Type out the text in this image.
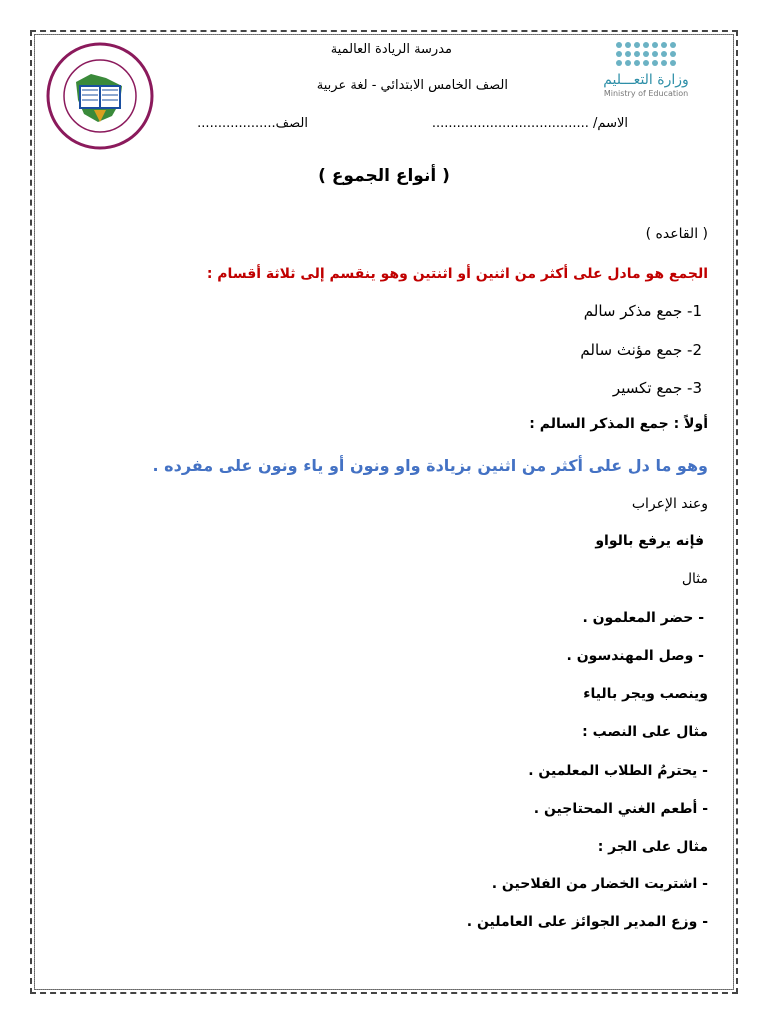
وزارة التعـــليم
Ministry of Education
مدرسة الريادة العالمية
الصف الخامس الابتدائي - لغة عربية
الاسم/ ......................................
الصف...................
( أنواع الجموع )
( القاعده )
الجمع هو مادل على أكثر من اثنين أو اثنتين وهو ينقسم إلى ثلاثة أقسام :
1- جمع مذكر سالم
2- جمع مؤنث سالم
3- جمع تكسير
أولاً : جمع المذكر السالم :
وهو ما دل على أكثر من اثنين بزيادة واو ونون أو ياء ونون على مفرده .
وعند الإعراب
فإنه يرفع بالواو
مثال
- حضر المعلمون .
- وصل المهندسون .
وينصب ويجر بالياء
مثال على النصب :
- يحترمُ الطلاب المعلمين .
- أطعم الغني المحتاجين .
مثال على الجر :
- اشتريت الخضار من الفلاحين .
- وزع المدير الجوائز على العاملين .
